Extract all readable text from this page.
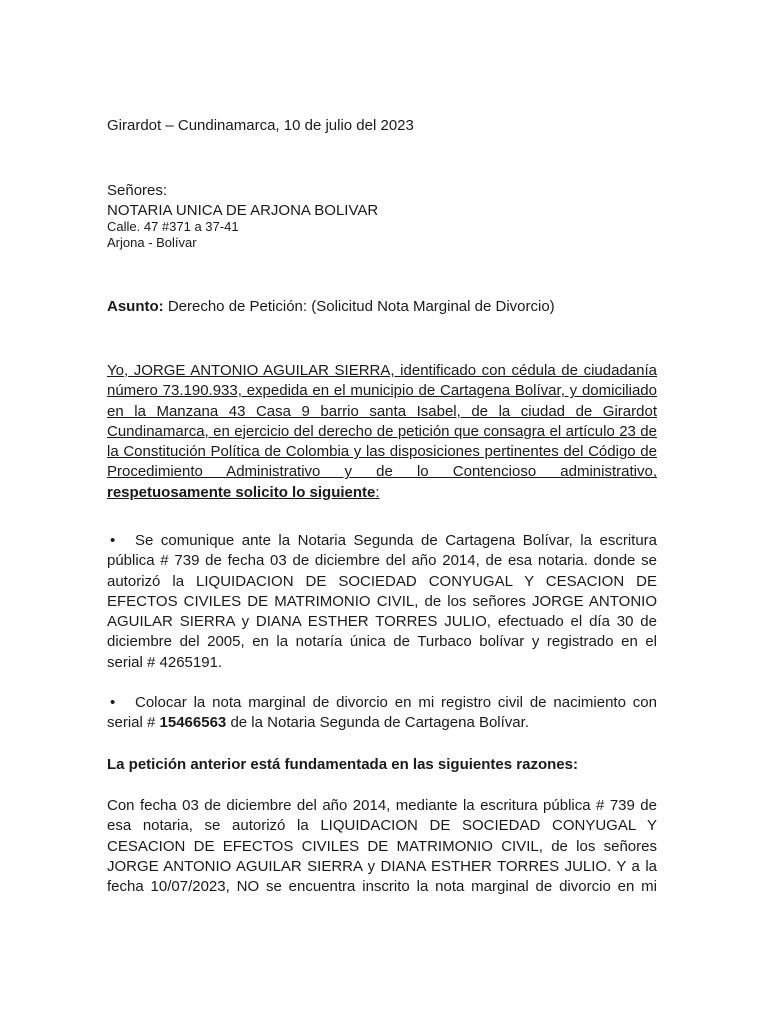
Girardot – Cundinamarca, 10 de julio del 2023

Señores:

NOTARIA UNICA DE ARJONA BOLIVAR

Calle. 47 #371 a 37-41

Arjona - Bolívar

Asunto: Derecho de Petición: (Solicitud Nota Marginal de Divorcio)

Yo, JORGE ANTONIO AGUILAR SIERRA, identificado con cédula de ciudadanía
número 73.190.933, expedida en el municipio de Cartagena Bolívar, y domiciliado
en la Manzana 43 Casa 9 barrio santa Isabel, de la ciudad de Girardot
Cundinamarca, en ejercicio del derecho de petición que consagra el artículo 23 de
la Constitución Política de Colombia y las disposiciones pertinentes del Código de
Procedimiento Administrativo y de lo Contencioso administrativo,
respetuosamente solicito lo siguiente:
• Se comunique ante la Notaria Segunda de Cartagena Bolívar, la escritura
pública # 739 de fecha 03 de diciembre del año 2014, de esa notaria. donde se
autorizó la LIQUIDACION DE SOCIEDAD CONYUGAL Y CESACION DE
EFECTOS CIVILES DE MATRIMONIO CIVIL, de los señores JORGE ANTONIO
AGUILAR SIERRA y DIANA ESTHER TORRES JULIO, efectuado el día 30 de
diciembre del 2005, en la notaría única de Turbaco bolívar y registrado en el
serial # 4265191.
• Colocar la nota marginal de divorcio en mi registro civil de nacimiento con
serial # 15466563 de la Notaria Segunda de Cartagena Bolívar.

La petición anterior está fundamentada en las siguientes razones:

Con fecha 03 de diciembre del año 2014, mediante la escritura pública # 739 de
esa notaria, se autorizó la LIQUIDACION DE SOCIEDAD CONYUGAL Y
CESACION DE EFECTOS CIVILES DE MATRIMONIO CIVIL, de los señores
JORGE ANTONIO AGUILAR SIERRA y DIANA ESTHER TORRES JULIO. Y a la
fecha 10/07/2023, NO se encuentra inscrito la nota marginal de divorcio en mi
